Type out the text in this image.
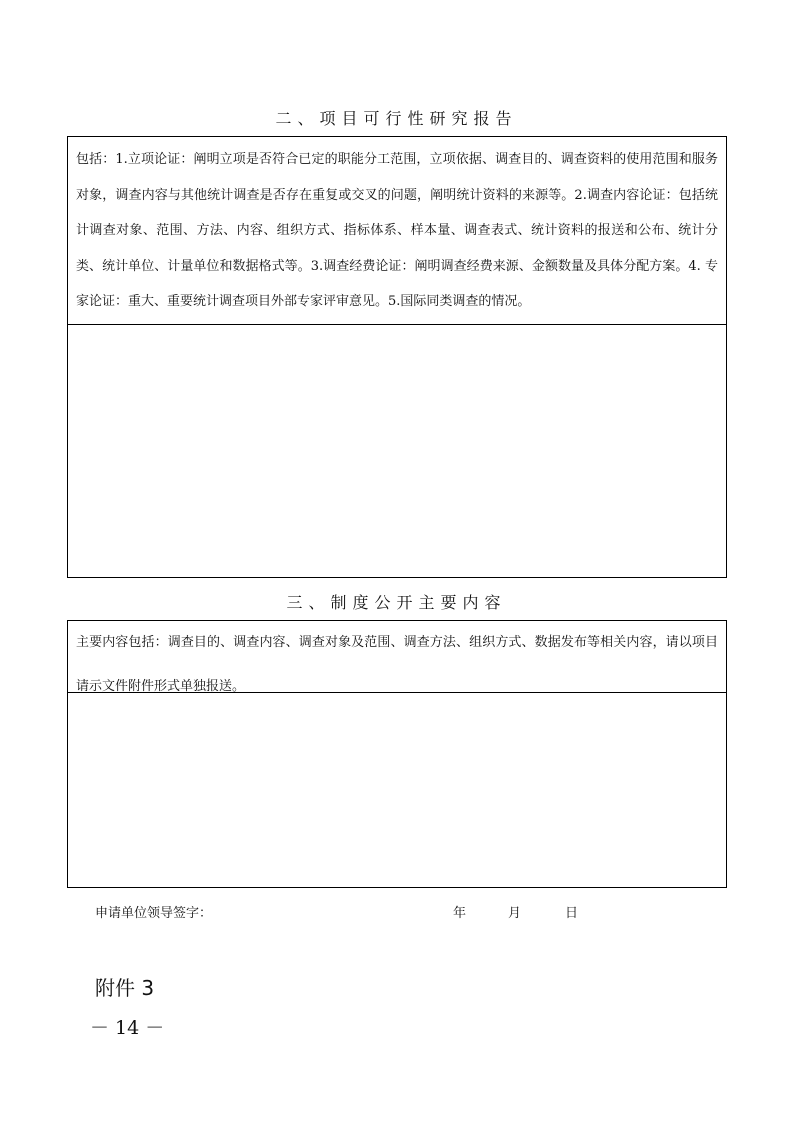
二、项目可行性研究报告
包括：1.立项论证：阐明立项是否符合已定的职能分工范围，立项依据、调查目的、调查资料的使用范围和服务对象，调查内容与其他统计调查是否存在重复或交叉的问题，阐明统计资料的来源等。2.调查内容论证：包括统计调查对象、范围、方法、内容、组织方式、指标体系、样本量、调查表式、统计资料的报送和公布、统计分类、统计单位、计量单位和数据格式等。3.调查经费论证：阐明调查经费来源、金额数量及具体分配方案。4. 专家论证：重大、重要统计调查项目外部专家评审意见。5.国际同类调查的情况。
三、制度公开主要内容
主要内容包括：调查目的、调查内容、调查对象及范围、调查方法、组织方式、数据发布等相关内容，请以项目请示文件附件形式单独报送。
申请单位领导签字：	年	月	日
附件 3
－ 14 －
